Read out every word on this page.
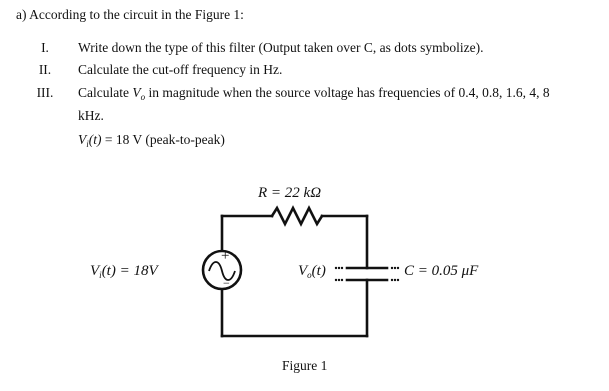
a) According to the circuit in the Figure 1:
I.	Write down the type of this filter (Output taken over C, as dots symbolize).
II.	Calculate the cut-off frequency in Hz.
III.	Calculate $V_o$ in magnitude when the source voltage has frequencies of 0.4, 0.8, 1.6, 4, 8
kHz.
$V_i(t) = 18$ V (peak-to-peak)
+
−
R = 22 kΩ
$V_i(t) = 18V$	$V_o(t)$	C = 0.05 μF
Figure 1
